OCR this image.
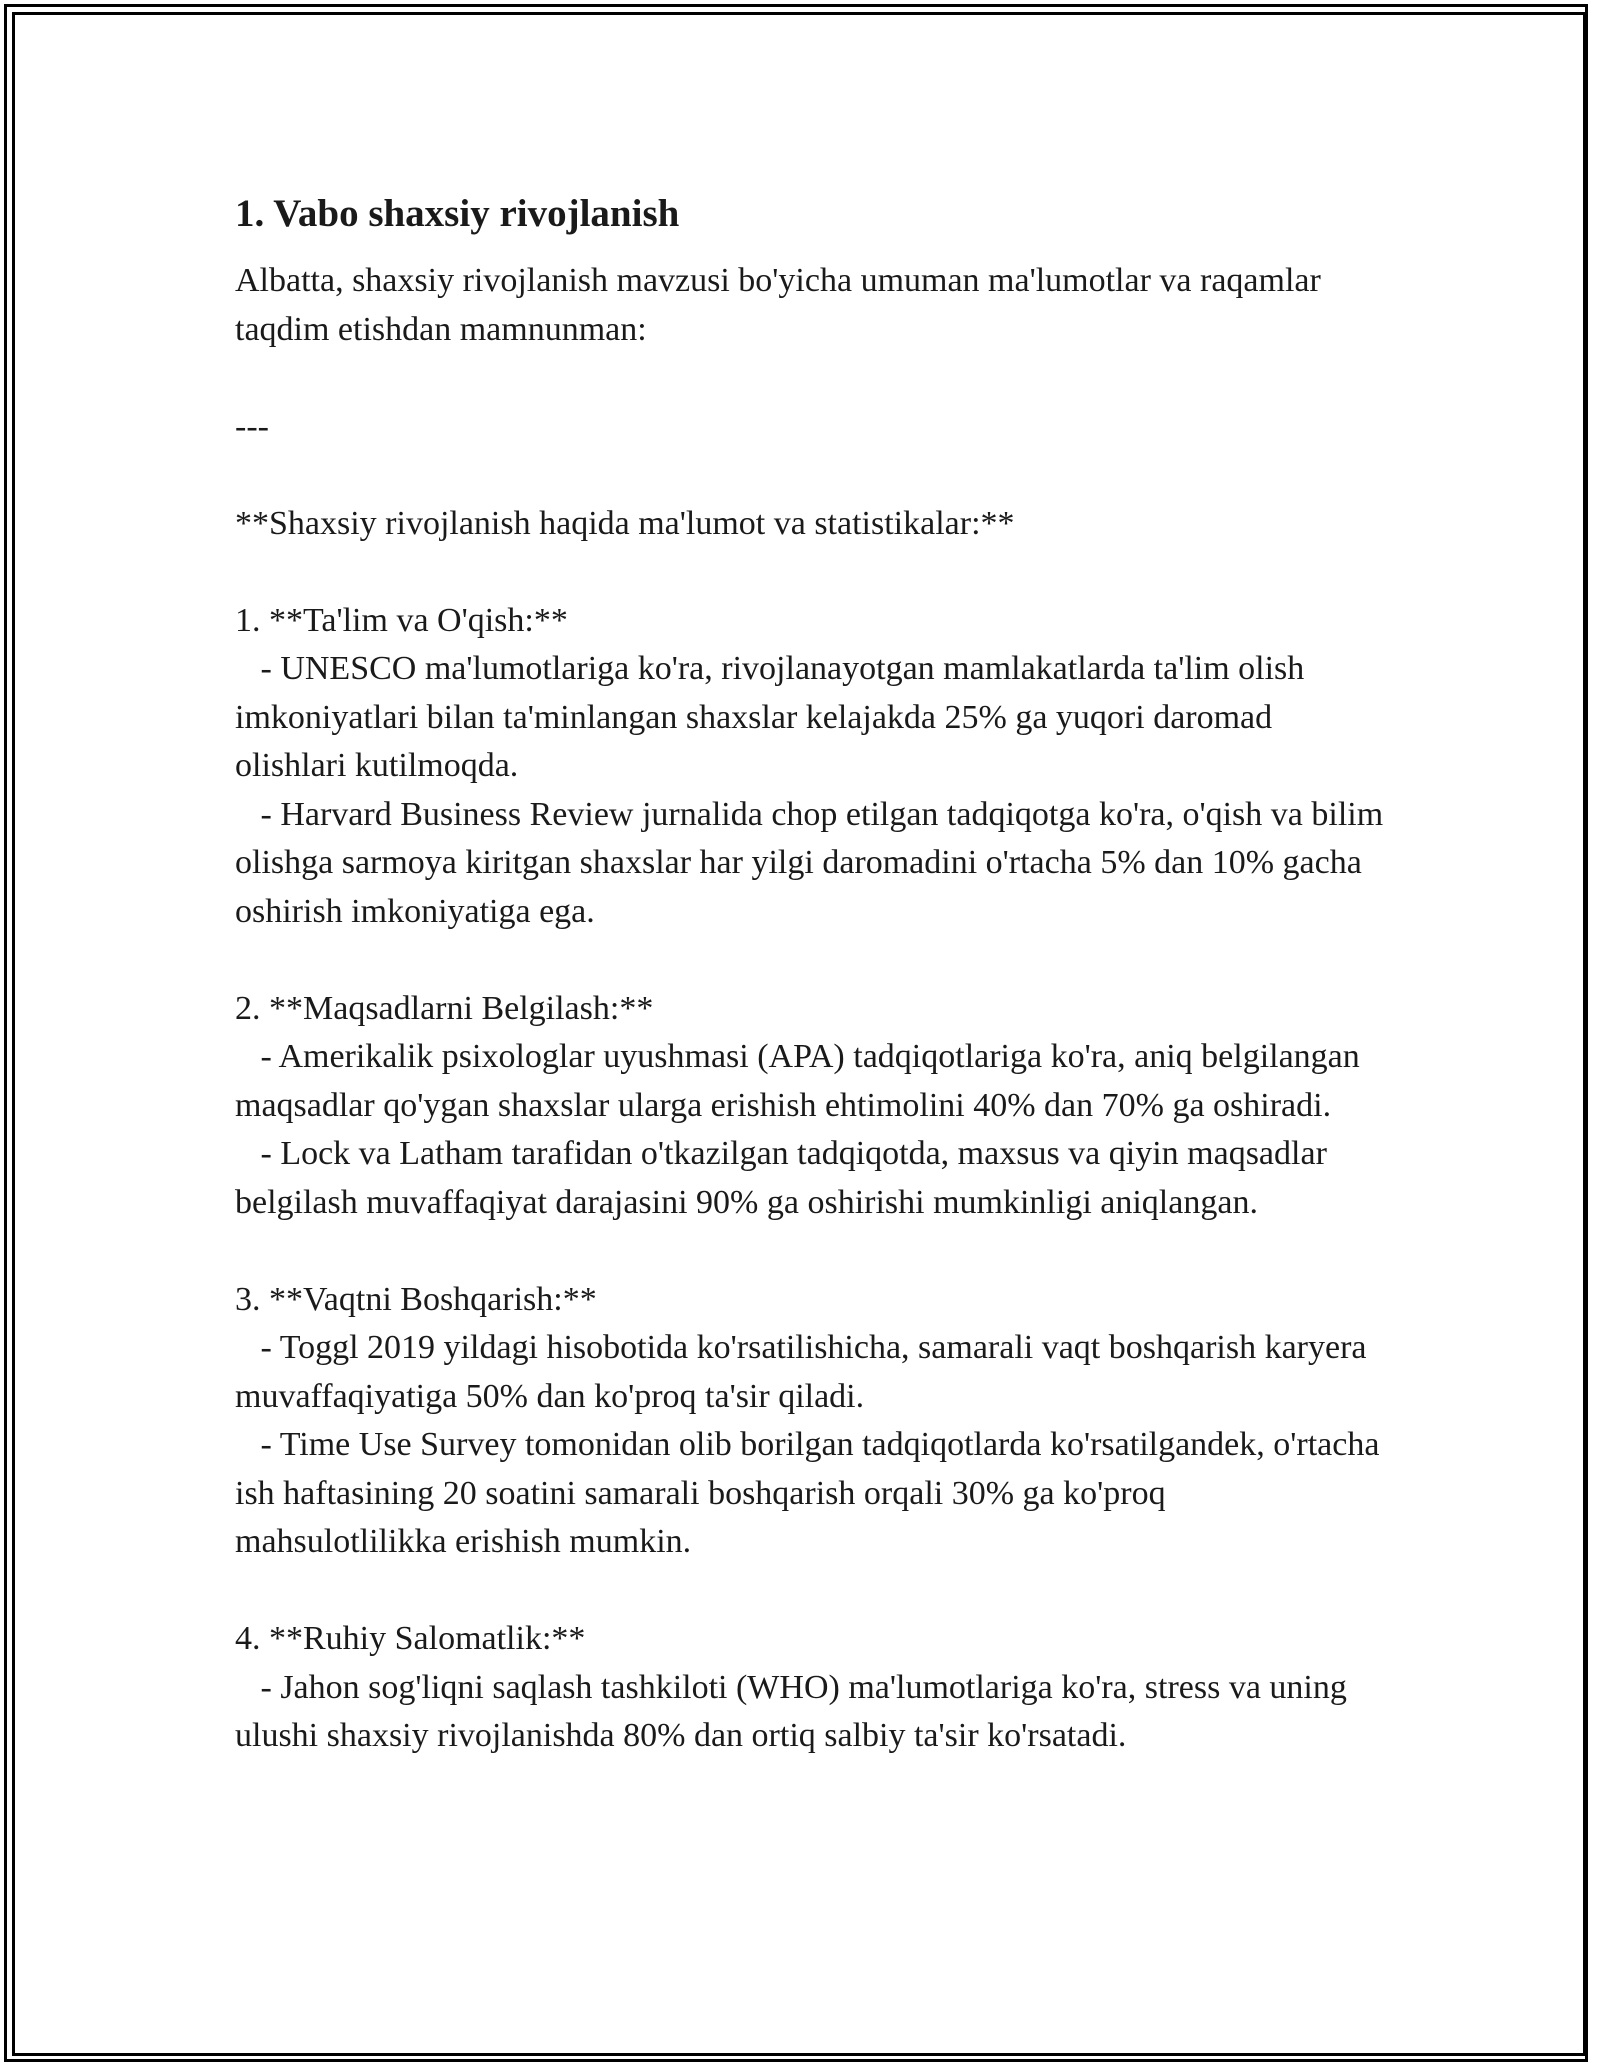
1. Vabo shaxsiy rivojlanish

Albatta, shaxsiy rivojlanish mavzusi bo'yicha umuman ma'lumotlar va raqamlar taqdim etishdan mamnunman:

---

**Shaxsiy rivojlanish haqida ma'lumot va statistikalar:**

1. **Ta'lim va O'qish:**

- UNESCO ma'lumotlariga ko'ra, rivojlanayotgan mamlakatlarda ta'lim olish imkoniyatlari bilan ta'minlangan shaxslar kelajakda 25% ga yuqori daromad olishlari kutilmoqda.

- Harvard Business Review jurnalida chop etilgan tadqiqotga ko'ra, o'qish va bilim olishga sarmoya kiritgan shaxslar har yilgi daromadini o'rtacha 5% dan 10% gacha oshirish imkoniyatiga ega.

2. **Maqsadlarni Belgilash:**

- Amerikalik psixologlar uyushmasi (APA) tadqiqotlariga ko'ra, aniq belgilangan maqsadlar qo'ygan shaxslar ularga erishish ehtimolini 40% dan 70% ga oshiradi.

- Lock va Latham tarafidan o'tkazilgan tadqiqotda, maxsus va qiyin maqsadlar belgilash muvaffaqiyat darajasini 90% ga oshirishi mumkinligi aniqlangan.

3. **Vaqtni Boshqarish:**

- Toggl 2019 yildagi hisobotida ko'rsatilishicha, samarali vaqt boshqarish karyera muvaffaqiyatiga 50% dan ko'proq ta'sir qiladi.

- Time Use Survey tomonidan olib borilgan tadqiqotlarda ko'rsatilgandek, o'rtacha ish haftasining 20 soatini samarali boshqarish orqali 30% ga ko'proq mahsulotlilikka erishish mumkin.

4. **Ruhiy Salomatlik:**

- Jahon sog'liqni saqlash tashkiloti (WHO) ma'lumotlariga ko'ra, stress va uning ulushi shaxsiy rivojlanishda 80% dan ortiq salbiy ta'sir ko'rsatadi.
